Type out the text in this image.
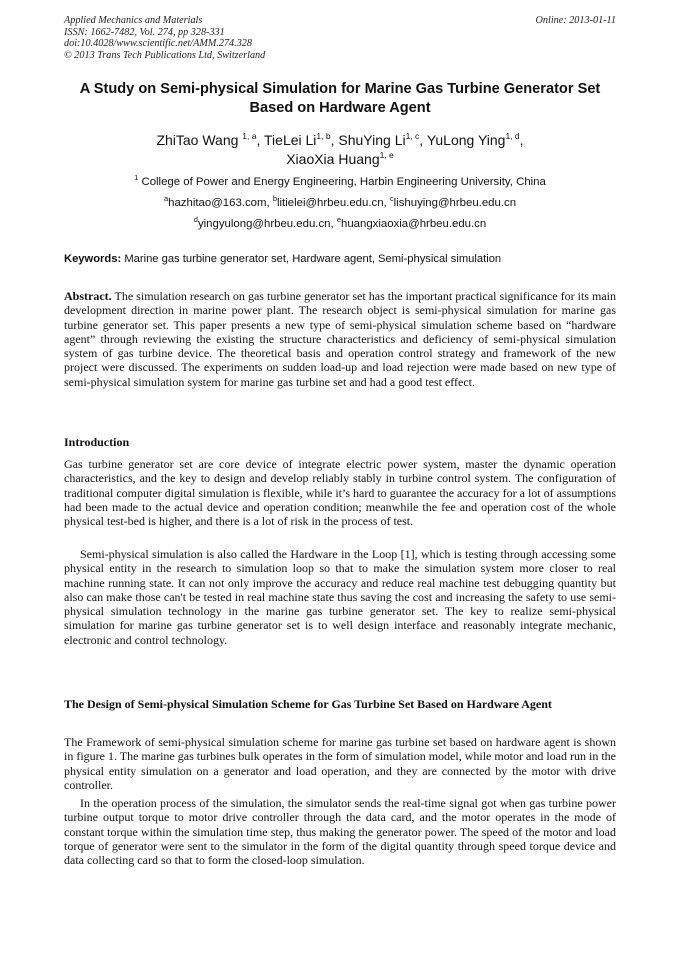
Applied Mechanics and Materials	Online: 2013-01-11
ISSN: 1662-7482, Vol. 274, pp 328-331
doi:10.4028/www.scientific.net/AMM.274.328
© 2013 Trans Tech Publications Ltd, Switzerland
A Study on Semi-physical Simulation for Marine Gas Turbine Generator Set Based on Hardware Agent
ZhiTao Wang $^{1, a}$, TieLei Li$^{1, b}$, ShuYing Li$^{1, c}$, YuLong Ying$^{1, d}$,
XiaoXia Huang$^{1, e}$
$^1$ College of Power and Energy Engineering, Harbin Engineering University, China
$^a$hazhitao@163.com, $^b$litielei@hrbeu.edu.cn, $^c$lishuying@hrbeu.edu.cn
$^d$yingyulong@hrbeu.edu.cn, $^e$huangxiaoxia@hrbeu.edu.cn
Keywords: Marine gas turbine generator set, Hardware agent, Semi-physical simulation
Abstract. The simulation research on gas turbine generator set has the important practical significance for its main development direction in marine power plant. The research object is semi-physical simulation for marine gas turbine generator set. This paper presents a new type of semi-physical simulation scheme based on “hardware agent” through reviewing the existing the structure characteristics and deficiency of semi-physical simulation system of gas turbine device. The theoretical basis and operation control strategy and framework of the new project were discussed. The experiments on sudden load-up and load rejection were made based on new type of semi-physical simulation system for marine gas turbine set and had a good test effect.
Introduction
Gas turbine generator set are core device of integrate electric power system, master the dynamic operation characteristics, and the key to design and develop reliably stably in turbine control system. The configuration of traditional computer digital simulation is flexible, while it’s hard to guarantee the accuracy for a lot of assumptions had been made to the actual device and operation condition; meanwhile the fee and operation cost of the whole physical test-bed is higher, and there is a lot of risk in the process of test.
Semi-physical simulation is also called the Hardware in the Loop [1], which is testing through accessing some physical entity in the research to simulation loop so that to make the simulation system more closer to real machine running state. It can not only improve the accuracy and reduce real machine test debugging quantity but also can make those can't be tested in real machine state thus saving the cost and increasing the safety to use semi-physical simulation technology in the marine gas turbine generator set. The key to realize semi-physical simulation for marine gas turbine generator set is to well design interface and reasonably integrate mechanic, electronic and control technology.
The Design of Semi-physical Simulation Scheme for Gas Turbine Set Based on Hardware Agent
The Framework of semi-physical simulation scheme for marine gas turbine set based on hardware agent is shown in figure 1. The marine gas turbines bulk operates in the form of simulation model, while motor and load run in the physical entity simulation on a generator and load operation, and they are connected by the motor with drive controller.
In the operation process of the simulation, the simulator sends the real-time signal got when gas turbine power turbine output torque to motor drive controller through the data card, and the motor operates in the mode of constant torque within the simulation time step, thus making the generator power. The speed of the motor and load torque of generator were sent to the simulator in the form of the digital quantity through speed torque device and data collecting card so that to form the closed-loop simulation.
